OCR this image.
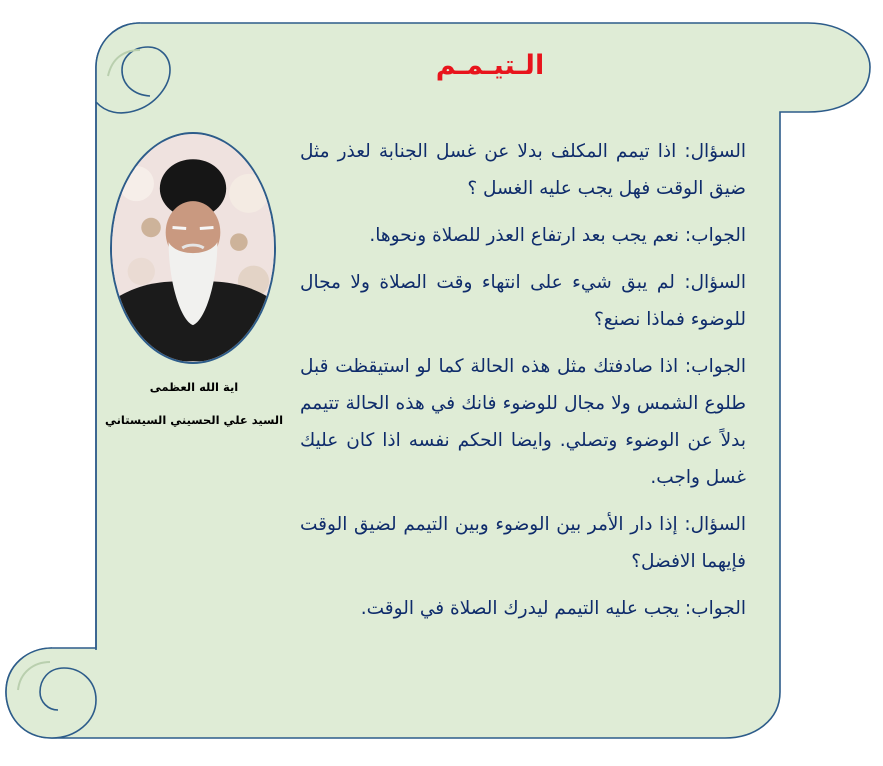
الـتيـمـم
اية الله العظمى
السيد علي الحسيني السيستاني

السؤال: اذا تيمم المكلف بدلا عن غسل الجنابة لعذر مثل ضيق الوقت فهل يجب عليه الغسل ؟

الجواب: نعم يجب بعد ارتفاع العذر للصلاة ونحوها.

السؤال: لم يبق شيء على انتهاء وقت الصلاة ولا مجال للوضوء فماذا نصنع؟

الجواب: اذا صادفتك مثل هذه الحالة كما لو استيقظت قبل طلوع الشمس ولا مجال للوضوء فانك في هذه الحالة تتيمم بدلاً عن الوضوء وتصلي. وايضا الحكم نفسه اذا كان عليك غسل واجب.

السؤال: إذا دار الأمر بين الوضوء وبين التيمم لضيق الوقت فإيهما الافضل؟

الجواب: يجب عليه التيمم ليدرك الصلاة في الوقت.
